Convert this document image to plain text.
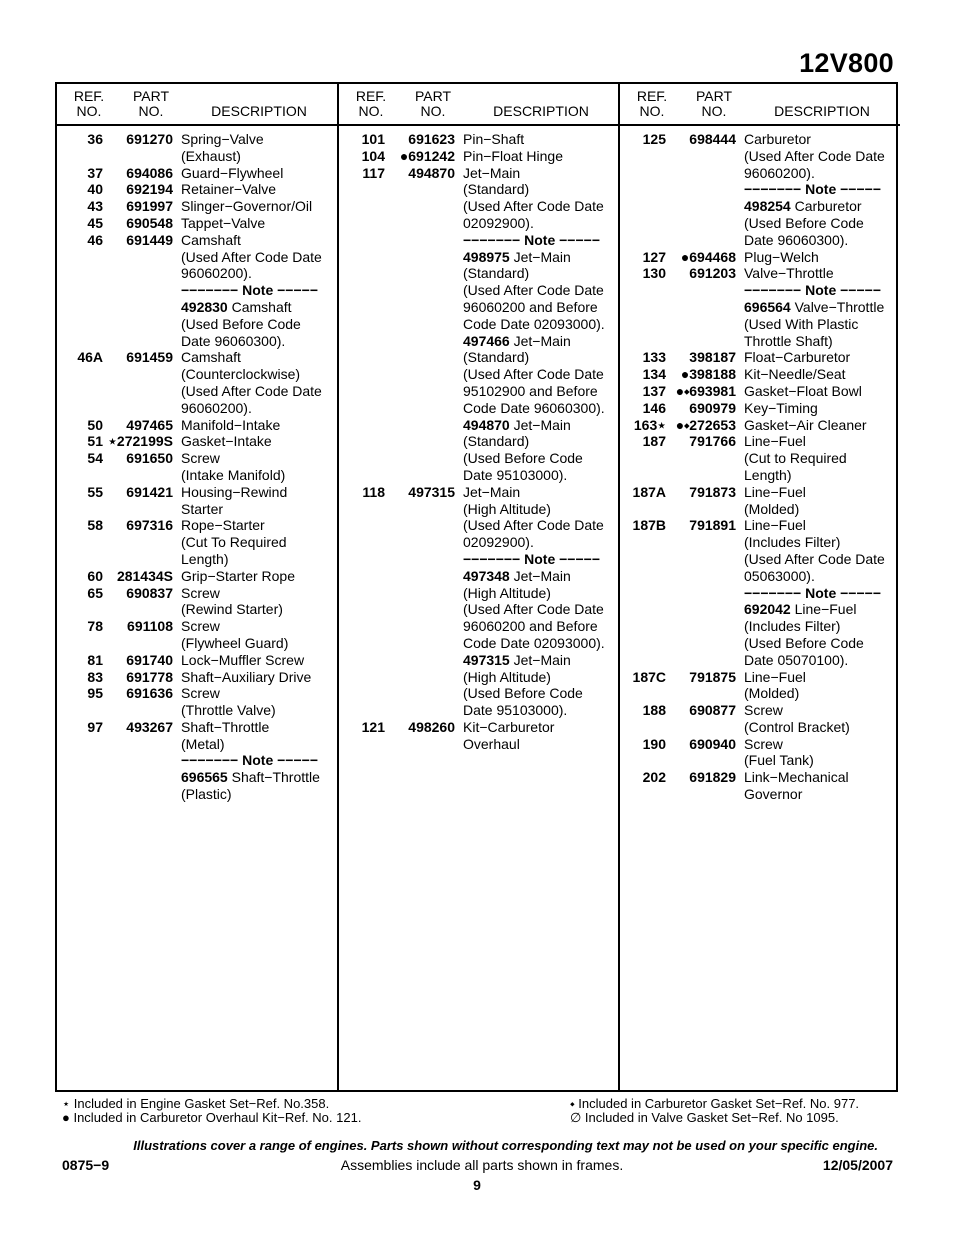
12V800
REF.
NO.
PART
NO.	DESCRIPTION
36	691270 Spring−Valve
(Exhaust)
37	694086 Guard−Flywheel
40	692194 Retainer−Valve
43	691997 Slinger−Governor/Oil
45	690548 Tappet−Valve
46	691449 Camshaft
(Used After Code Date
96060200).
−−−−−−− Note −−−−−
492830 Camshaft
(Used Before Code
Date 96060300).
46A	691459 Camshaft
(Counterclockwise)
(Used After Code Date
96060200).
50	497465 Manifold−Intake
51 ⋆272199S Gasket−Intake
54	691650 Screw
(Intake Manifold)
55	691421 Housing−Rewind
Starter
58	697316 Rope−Starter
(Cut To Required
Length)
60 281434S Grip−Starter Rope
65	690837 Screw
(Rewind Starter)
78	691108 Screw
(Flywheel Guard)
81	691740 Lock−Muffler Screw
83	691778 Shaft−Auxiliary Drive
95	691636 Screw
(Throttle Valve)
97	493267 Shaft−Throttle
(Metal)
−−−−−−− Note −−−−−
696565 Shaft−Throttle
(Plastic)
REF.
NO.
PART
NO.	DESCRIPTION
101	691623 Pin−Shaft
104	●691242 Pin−Float Hinge
117	494870 Jet−Main
(Standard)
(Used After Code Date
02092900).
−−−−−−− Note −−−−−
498975 Jet−Main
(Standard)
(Used After Code Date
96060200 and Before
Code Date 02093000).
497466 Jet−Main
(Standard)
(Used After Code Date
95102900 and Before
Code Date 96060300).
494870 Jet−Main
(Standard)
(Used Before Code
Date 95103000).
118	497315 Jet−Main
(High Altitude)
(Used After Code Date
02092900).
−−−−−−− Note −−−−−
497348 Jet−Main
(High Altitude)
(Used After Code Date
96060200 and Before
Code Date 02093000).
497315 Jet−Main
(High Altitude)
(Used Before Code
Date 95103000).
121	498260 Kit−Carburetor
Overhaul
REF.
NO.
PART
NO.	DESCRIPTION
125	698444 Carburetor
(Used After Code Date
96060200).
−−−−−−− Note −−−−−
498254 Carburetor
(Used Before Code
Date 96060300).
127	●694468 Plug−Welch
130	691203 Valve−Throttle
−−−−−−− Note −−−−−
696564 Valve−Throttle
(Used With Plastic
Throttle Shaft)
133	398187 Float−Carburetor
134	●398188 Kit−Needle/Seat
137 ●⬩693981 Gasket−Float Bowl
146	690979 Key−Timing
163⋆ ●⬩272653 Gasket−Air Cleaner
187	791766 Line−Fuel
(Cut to Required
Length)
187A	791873 Line−Fuel
(Molded)
187B	791891 Line−Fuel
(Includes Filter)
(Used After Code Date
05063000).
−−−−−−− Note −−−−−
692042 Line−Fuel
(Includes Filter)
(Used Before Code
Date 05070100).
187C	791875 Line−Fuel
(Molded)
188	690877 Screw
(Control Bracket)
190	690940 Screw
(Fuel Tank)
202	691829 Link−Mechanical
Governor
⋆ Included in Engine Gasket Set−Ref. No.358.
● Included in Carburetor Overhaul Kit−Ref. No. 121.
⬩ Included in Carburetor Gasket Set−Ref. No. 977.
∅ Included in Valve Gasket Set−Ref. No 1095.
Illustrations cover a range of engines. Parts shown without corresponding text may not be used on your specific engine.
0875−9	Assemblies include all parts shown in frames.	12/05/2007
9
